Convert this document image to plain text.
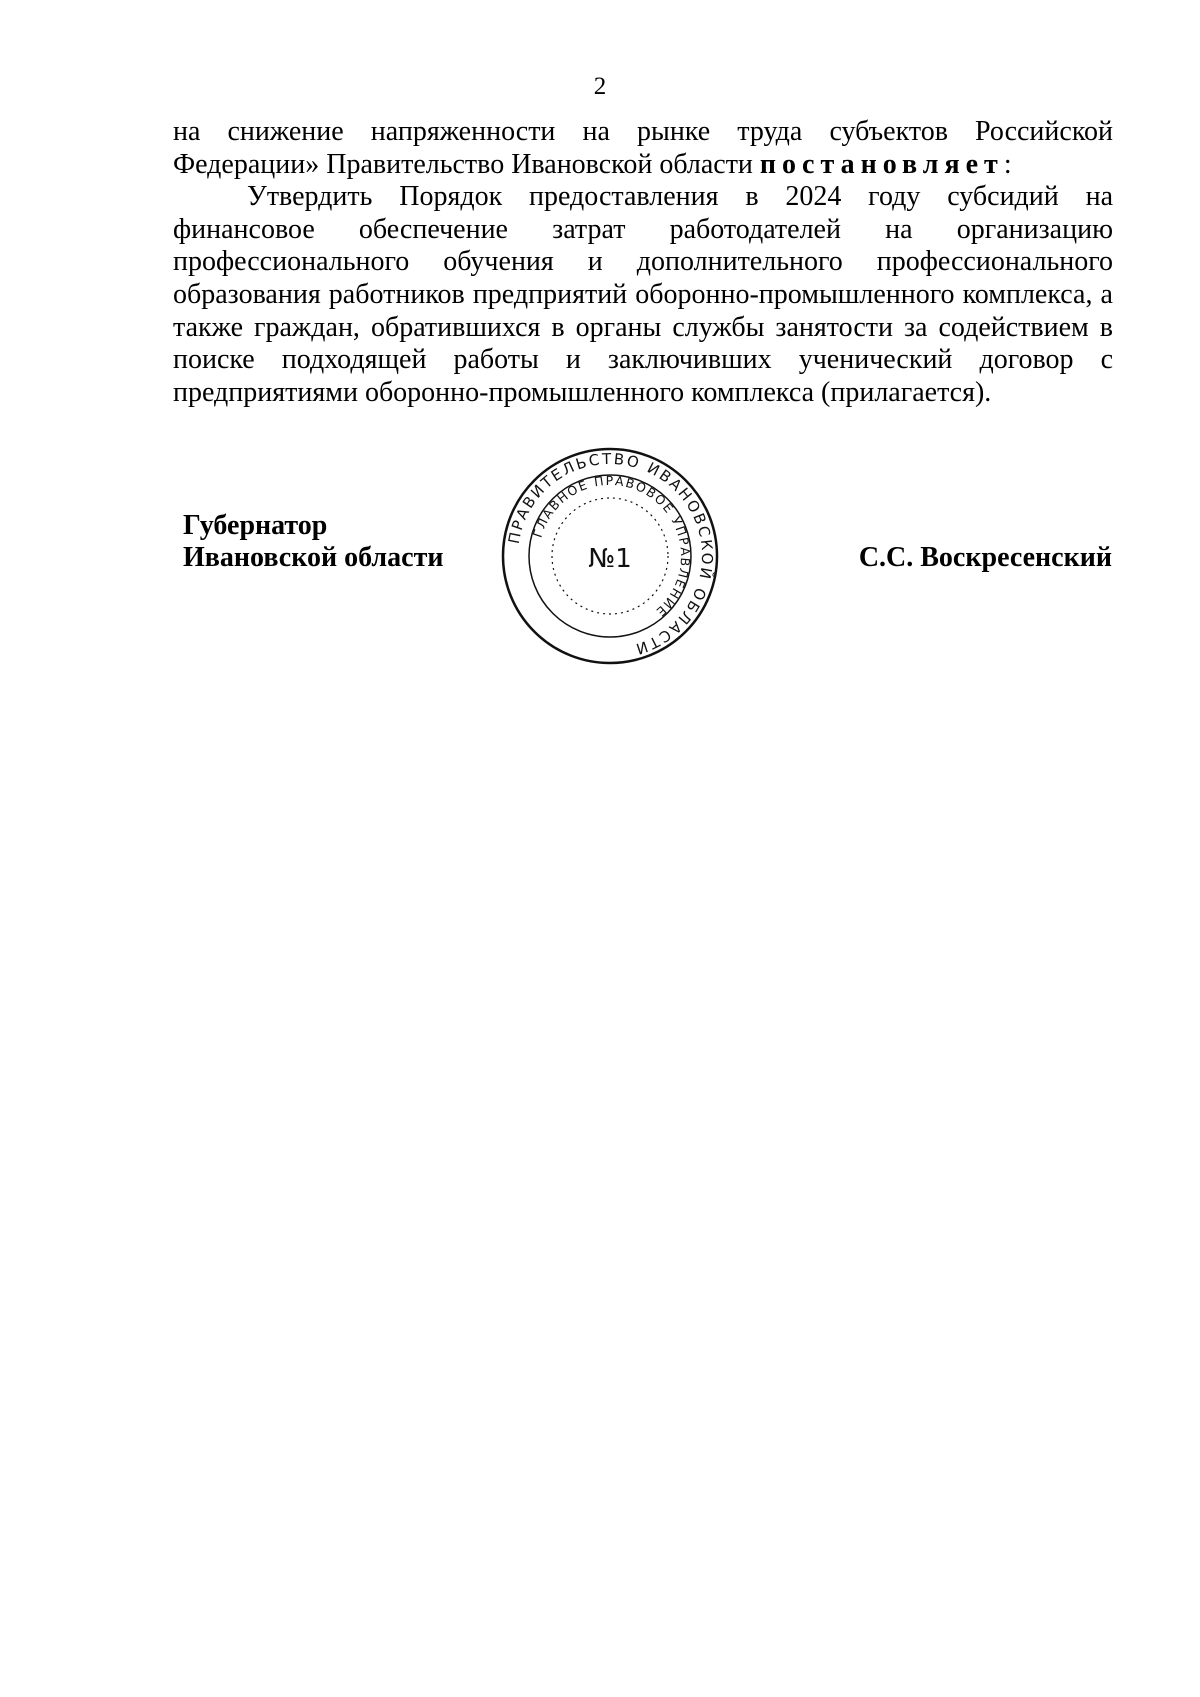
2

на снижение напряженности на рынке труда субъектов Российской Федерации» Правительство Ивановской области постановляет:

Утвердить Порядок предоставления в 2024 году субсидий на финансовое обеспечение затрат работодателей на организацию профессионального обучения и дополнительного профессионального образования работников предприятий оборонно-промышленного комплекса, а также граждан, обратившихся в органы службы занятости за содействием в поиске подходящей работы и заключивших ученический договор с предприятиями оборонно-промышленного комплекса (прилагается).

Губернатор
Ивановской области	С.С. Воскресенский
ПРАВИТЕЛЬСТВО ИВАНОВСКОЙ ОБЛАСТИ
ГЛАВНОЕ ПРАВОВОЕ УПРАВЛЕНИЕ
№1
